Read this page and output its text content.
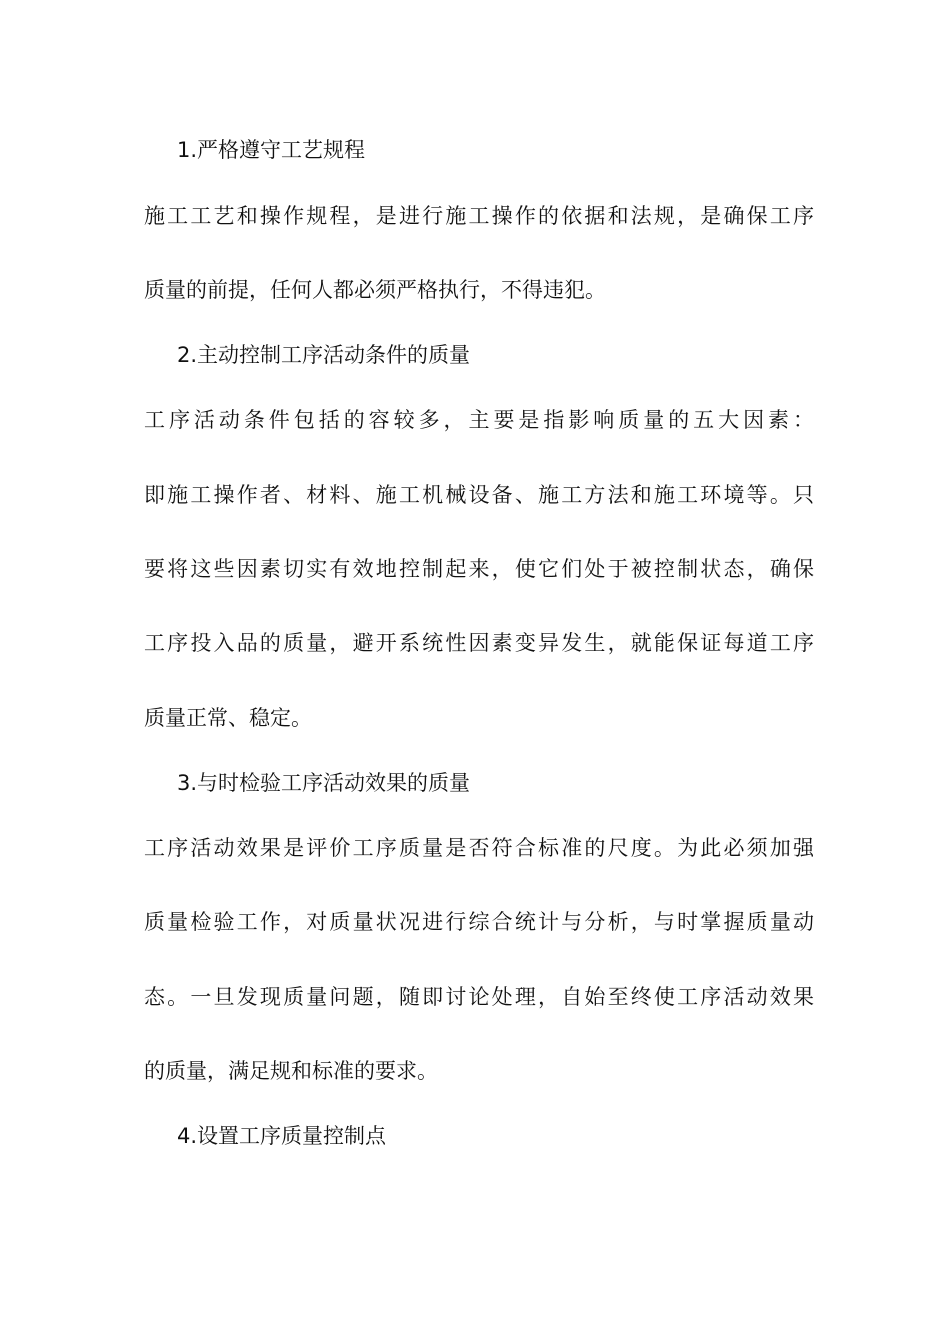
1.严格遵守工艺规程
施工工艺和操作规程，是进行施工操作的依据和法规，是确保工序
质量的前提，任何人都必须严格执行，不得违犯。
2.主动控制工序活动条件的质量
工序活动条件包括的容较多，主要是指影响质量的五大因素：
即施工操作者、材料、施工机械设备、施工方法和施工环境等。只
要将这些因素切实有效地控制起来，使它们处于被控制状态，确保
工序投入品的质量，避开系统性因素变异发生，就能保证每道工序
质量正常、稳定。
3.与时检验工序活动效果的质量
工序活动效果是评价工序质量是否符合标准的尺度。为此必须加强
质量检验工作，对质量状况进行综合统计与分析，与时掌握质量动
态。一旦发现质量问题，随即讨论处理，自始至终使工序活动效果
的质量，满足规和标准的要求。
4.设置工序质量控制点
